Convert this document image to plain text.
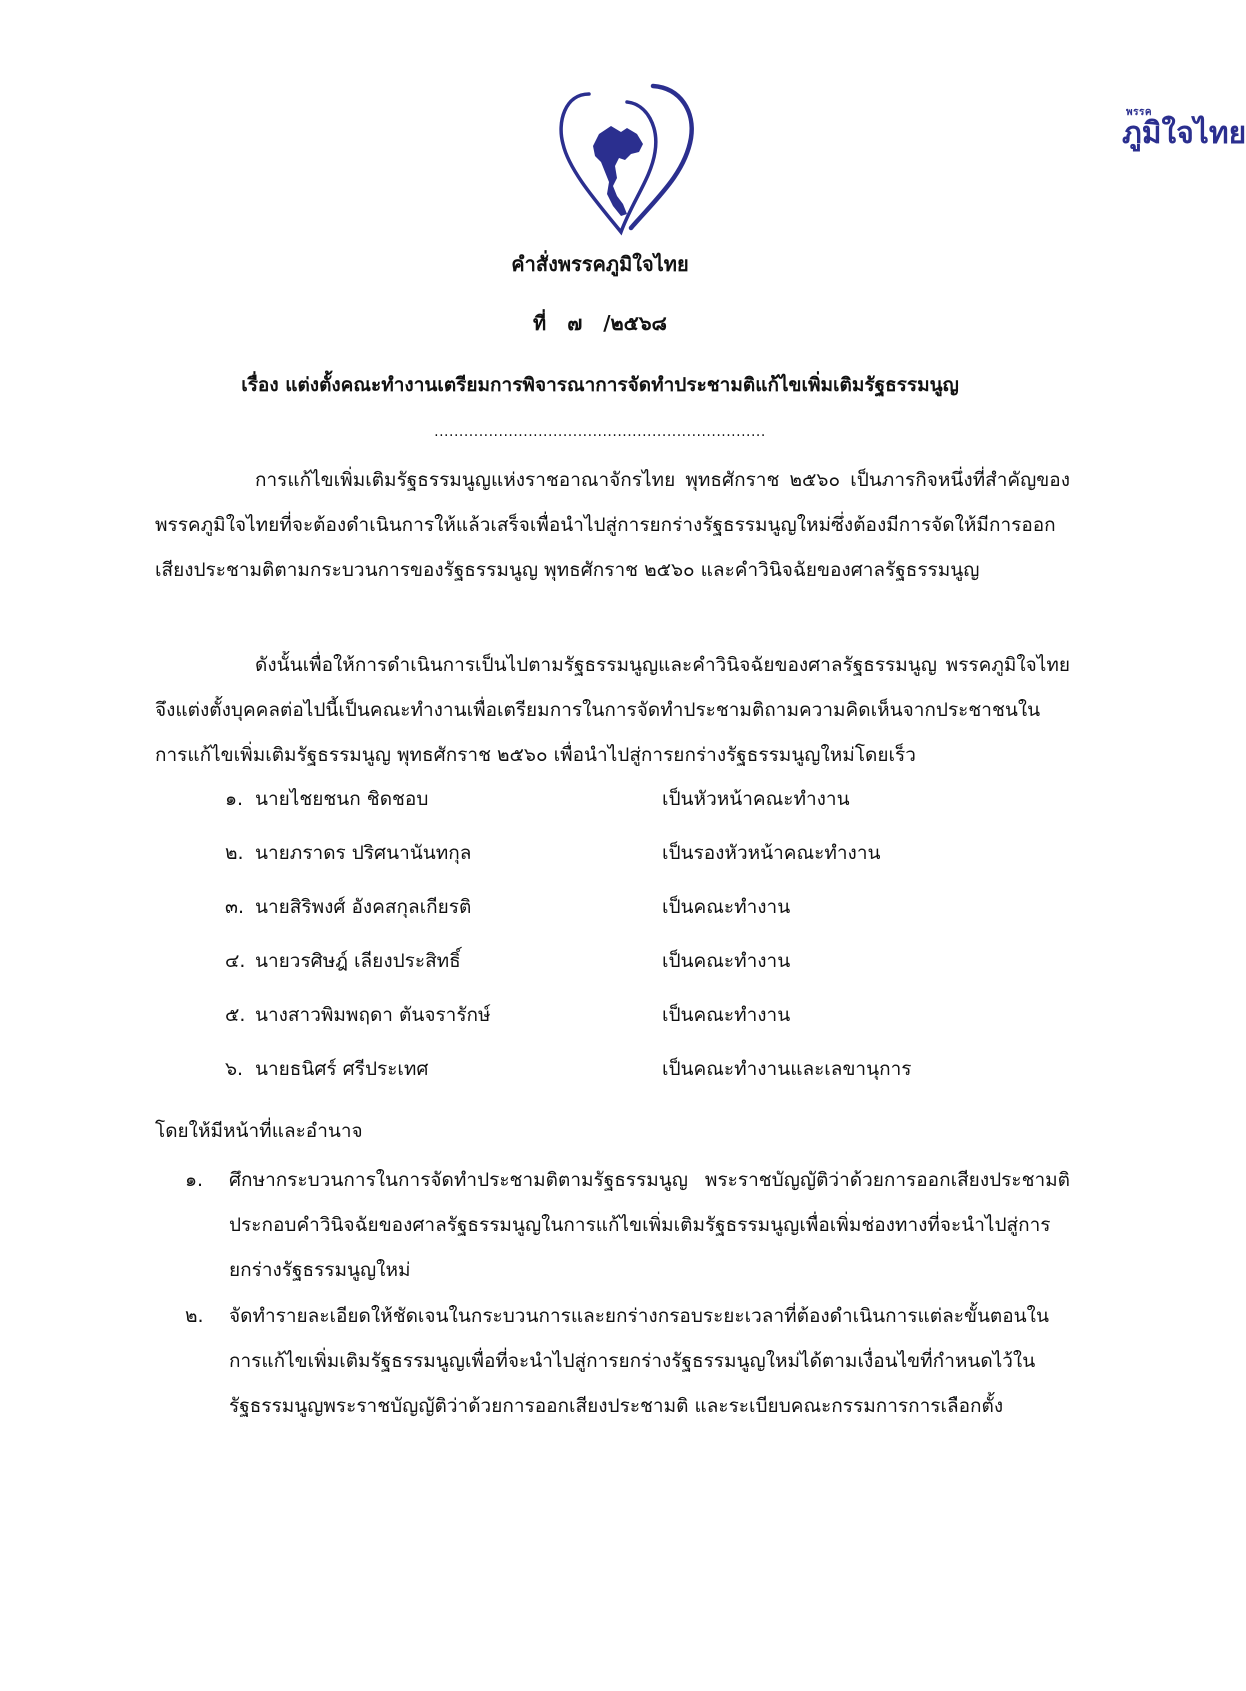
พรรค
ภูมิใจไทย
คำสั่งพรรคภูมิใจไทย
ที่ ๗ /๒๕๖๘
เรื่อง แต่งตั้งคณะทำงานเตรียมการพิจารณาการจัดทำประชามติแก้ไขเพิ่มเติมรัฐธรรมนูญ
...................................................................
การแก้ไขเพิ่มเติมรัฐธรรมนูญแห่งราชอาณาจักรไทย พุทธศักราช ๒๕๖๐ เป็นภารกิจหนึ่งที่สำคัญของพรรคภูมิใจไทยที่จะต้องดำเนินการให้แล้วเสร็จเพื่อนำไปสู่การยกร่างรัฐธรรมนูญใหม่ซึ่งต้องมีการจัดให้มีการออกเสียงประชามติตามกระบวนการของรัฐธรรมนูญ พุทธศักราช ๒๕๖๐ และคำวินิจฉัยของศาลรัฐธรรมนูญ
ดังนั้นเพื่อให้การดำเนินการเป็นไปตามรัฐธรรมนูญและคำวินิจฉัยของศาลรัฐธรรมนูญ พรรคภูมิใจไทยจึงแต่งตั้งบุคคลต่อไปนี้เป็นคณะทำงานเพื่อเตรียมการในการจัดทำประชามติถามความคิดเห็นจากประชาชนในการแก้ไขเพิ่มเติมรัฐธรรมนูญ พุทธศักราช ๒๕๖๐ เพื่อนำไปสู่การยกร่างรัฐธรรมนูญใหม่โดยเร็ว
๑. นายไชยชนก ชิดชอบ	เป็นหัวหน้าคณะทำงาน
๒. นายภราดร ปริศนานันทกุล	เป็นรองหัวหน้าคณะทำงาน
๓. นายสิริพงศ์ อังคสกุลเกียรติ	เป็นคณะทำงาน
๔. นายวรศิษฎ์ เลียงประสิทธิ์	เป็นคณะทำงาน
๕. นางสาวพิมพฤดา ตันจรารักษ์	เป็นคณะทำงาน
๖. นายธนิศร์ ศรีประเทศ	เป็นคณะทำงานและเลขานุการ
โดยให้มีหน้าที่และอำนาจ
๑. ศึกษากระบวนการในการจัดทำประชามติตามรัฐธรรมนูญ พระราชบัญญัติว่าด้วยการออกเสียงประชามติ ประกอบคำวินิจฉัยของศาลรัฐธรรมนูญในการแก้ไขเพิ่มเติมรัฐธรรมนูญเพื่อเพิ่มช่องทางที่จะนำไปสู่การยกร่างรัฐธรรมนูญใหม่
๒. จัดทำรายละเอียดให้ชัดเจนในกระบวนการและยกร่างกรอบระยะเวลาที่ต้องดำเนินการแต่ละขั้นตอนในการแก้ไขเพิ่มเติมรัฐธรรมนูญเพื่อที่จะนำไปสู่การยกร่างรัฐธรรมนูญใหม่ได้ตามเงื่อนไขที่กำหนดไว้ในรัฐธรรมนูญพระราชบัญญัติว่าด้วยการออกเสียงประชามติ และระเบียบคณะกรรมการการเลือกตั้ง
